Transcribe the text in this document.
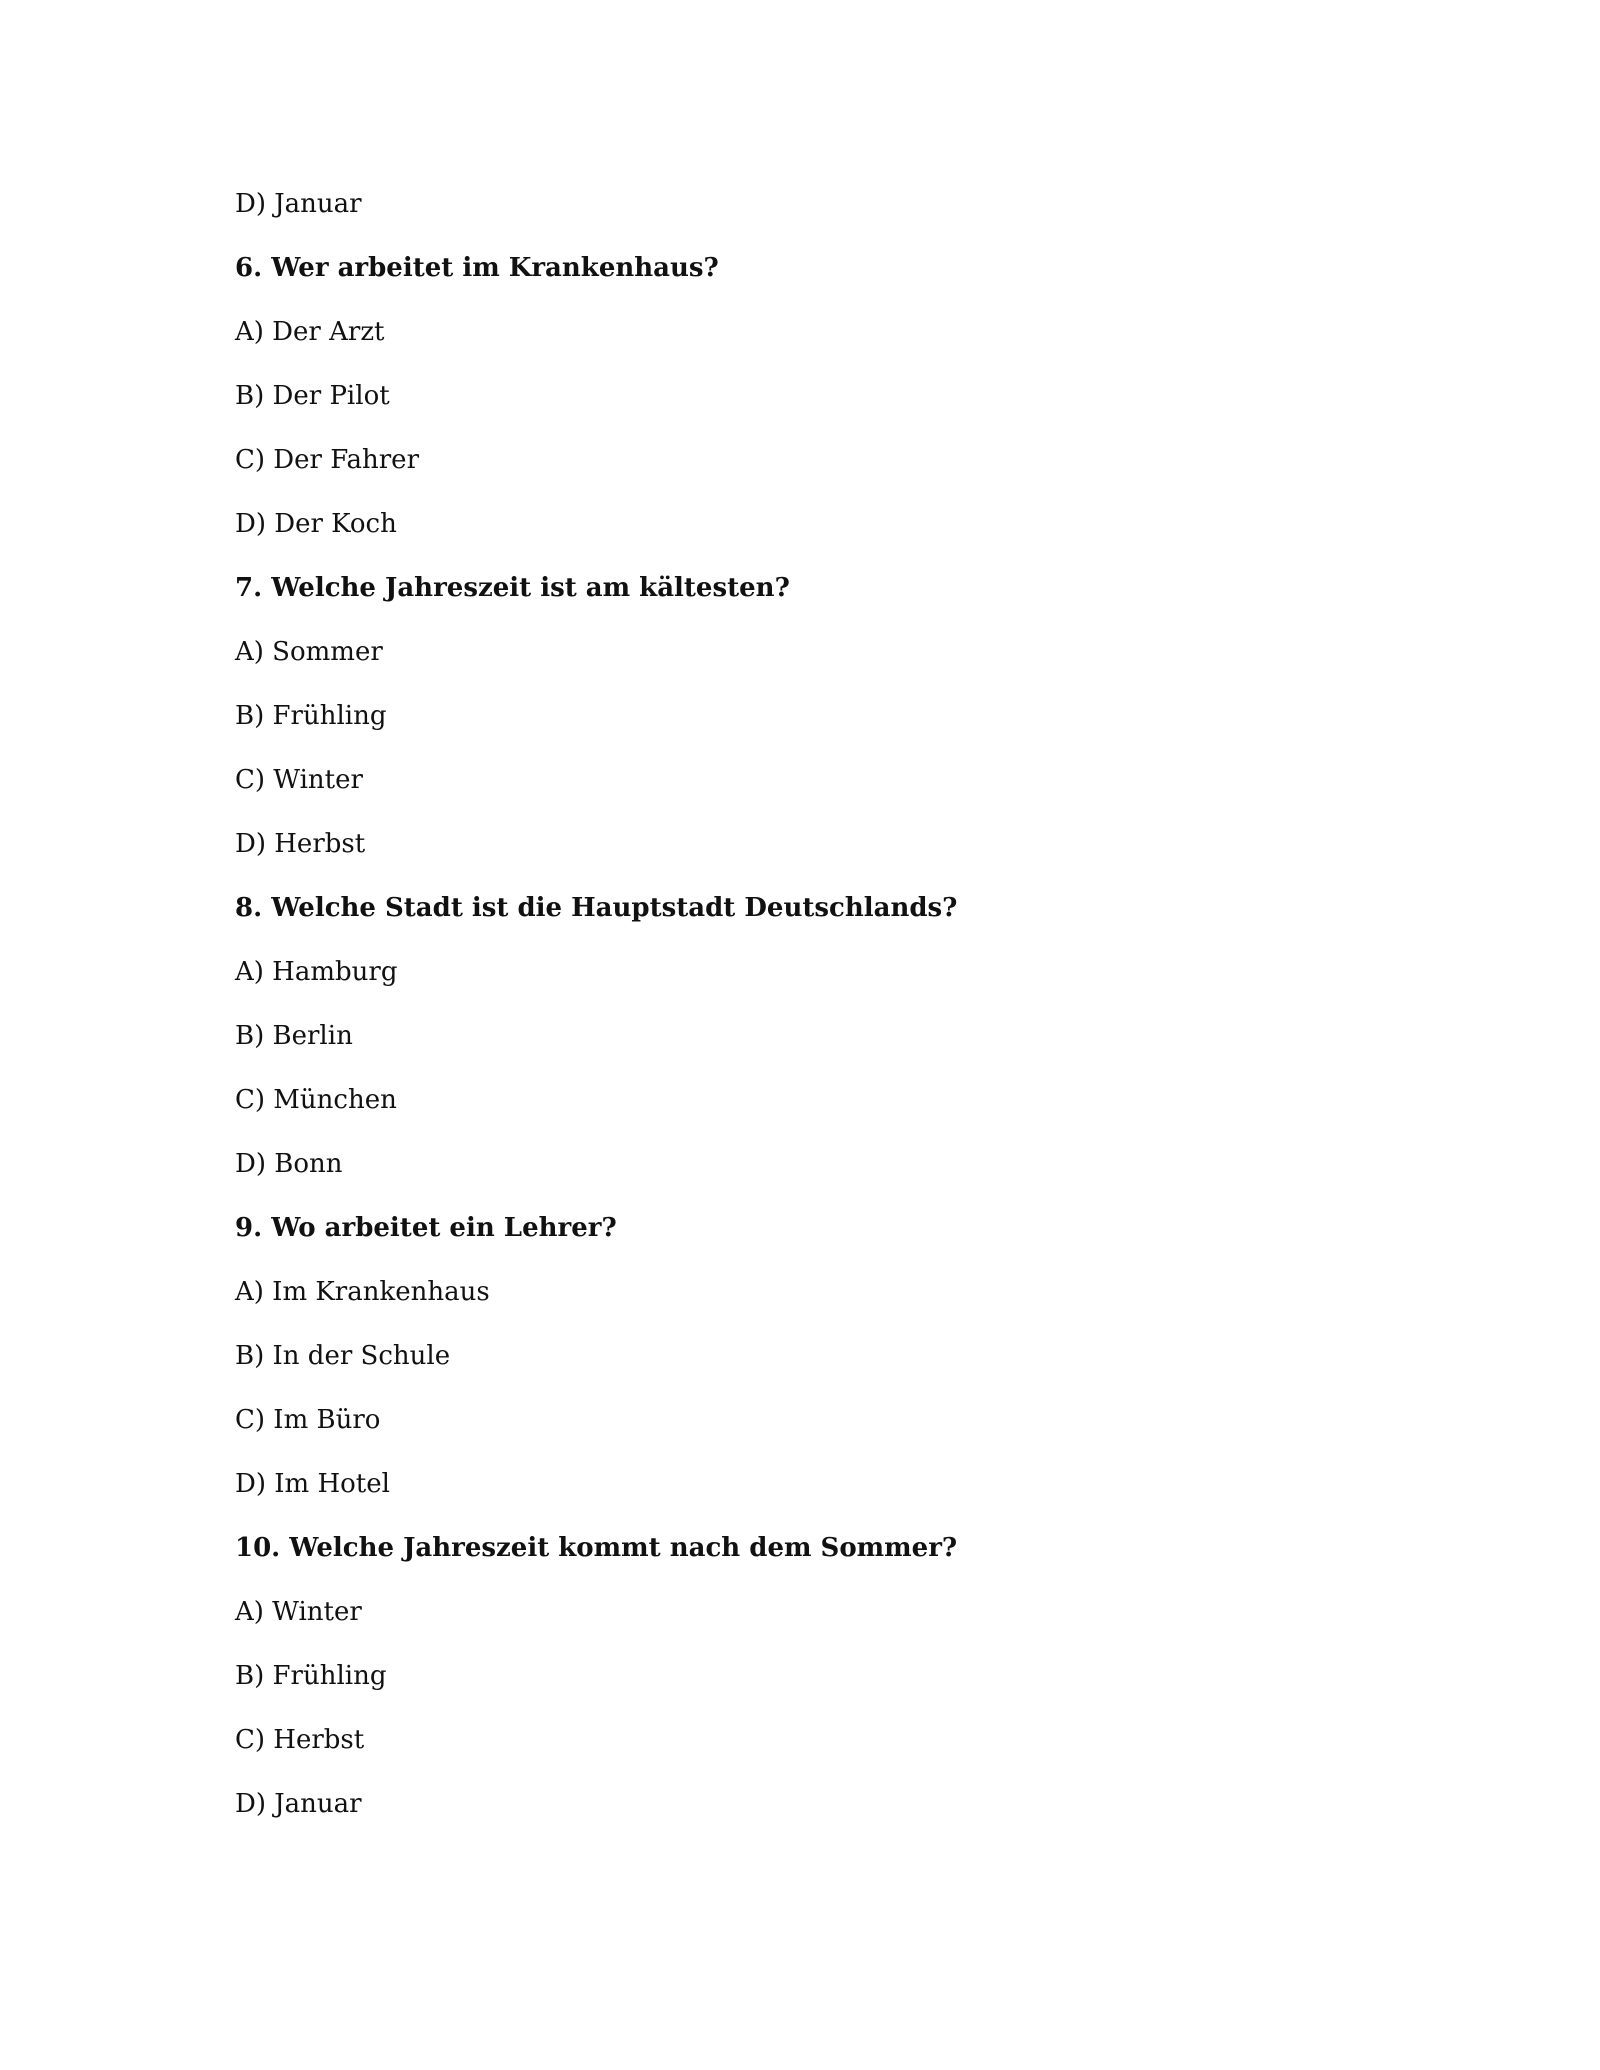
D) Januar
6. Wer arbeitet im Krankenhaus?
A) Der Arzt
B) Der Pilot
C) Der Fahrer
D) Der Koch
7. Welche Jahreszeit ist am kältesten?
A) Sommer
B) Frühling
C) Winter
D) Herbst
8. Welche Stadt ist die Hauptstadt Deutschlands?
A) Hamburg
B) Berlin
C) München
D) Bonn
9. Wo arbeitet ein Lehrer?
A) Im Krankenhaus
B) In der Schule
C) Im Büro
D) Im Hotel
10. Welche Jahreszeit kommt nach dem Sommer?
A) Winter
B) Frühling
C) Herbst
D) Januar
